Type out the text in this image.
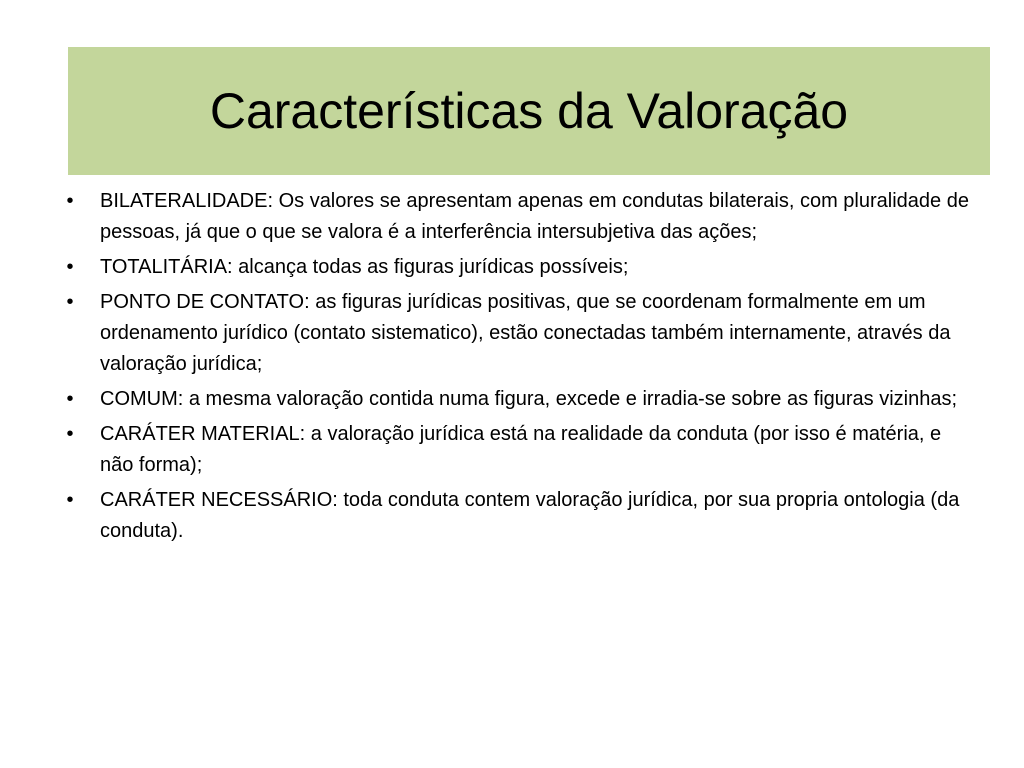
Características da Valoração
•	BILATERALIDADE: Os valores se apresentam apenas em condutas bilaterais, com pluralidade de pessoas, já que o que se valora é a interferência intersubjetiva das ações;
•	TOTALITÁRIA: alcança todas as figuras jurídicas possíveis;
•	PONTO DE CONTATO: as figuras jurídicas positivas, que se coordenam formalmente em um ordenamento jurídico (contato sistematico), estão conectadas também internamente, através da valoração jurídica;
•	COMUM: a mesma valoração contida numa figura, excede e irradia-se sobre as figuras vizinhas;
•	CARÁTER MATERIAL: a valoração jurídica está na realidade da conduta (por isso é matéria, e não forma);
•	CARÁTER NECESSÁRIO: toda conduta contem valoração jurídica, por sua propria ontologia (da conduta).
